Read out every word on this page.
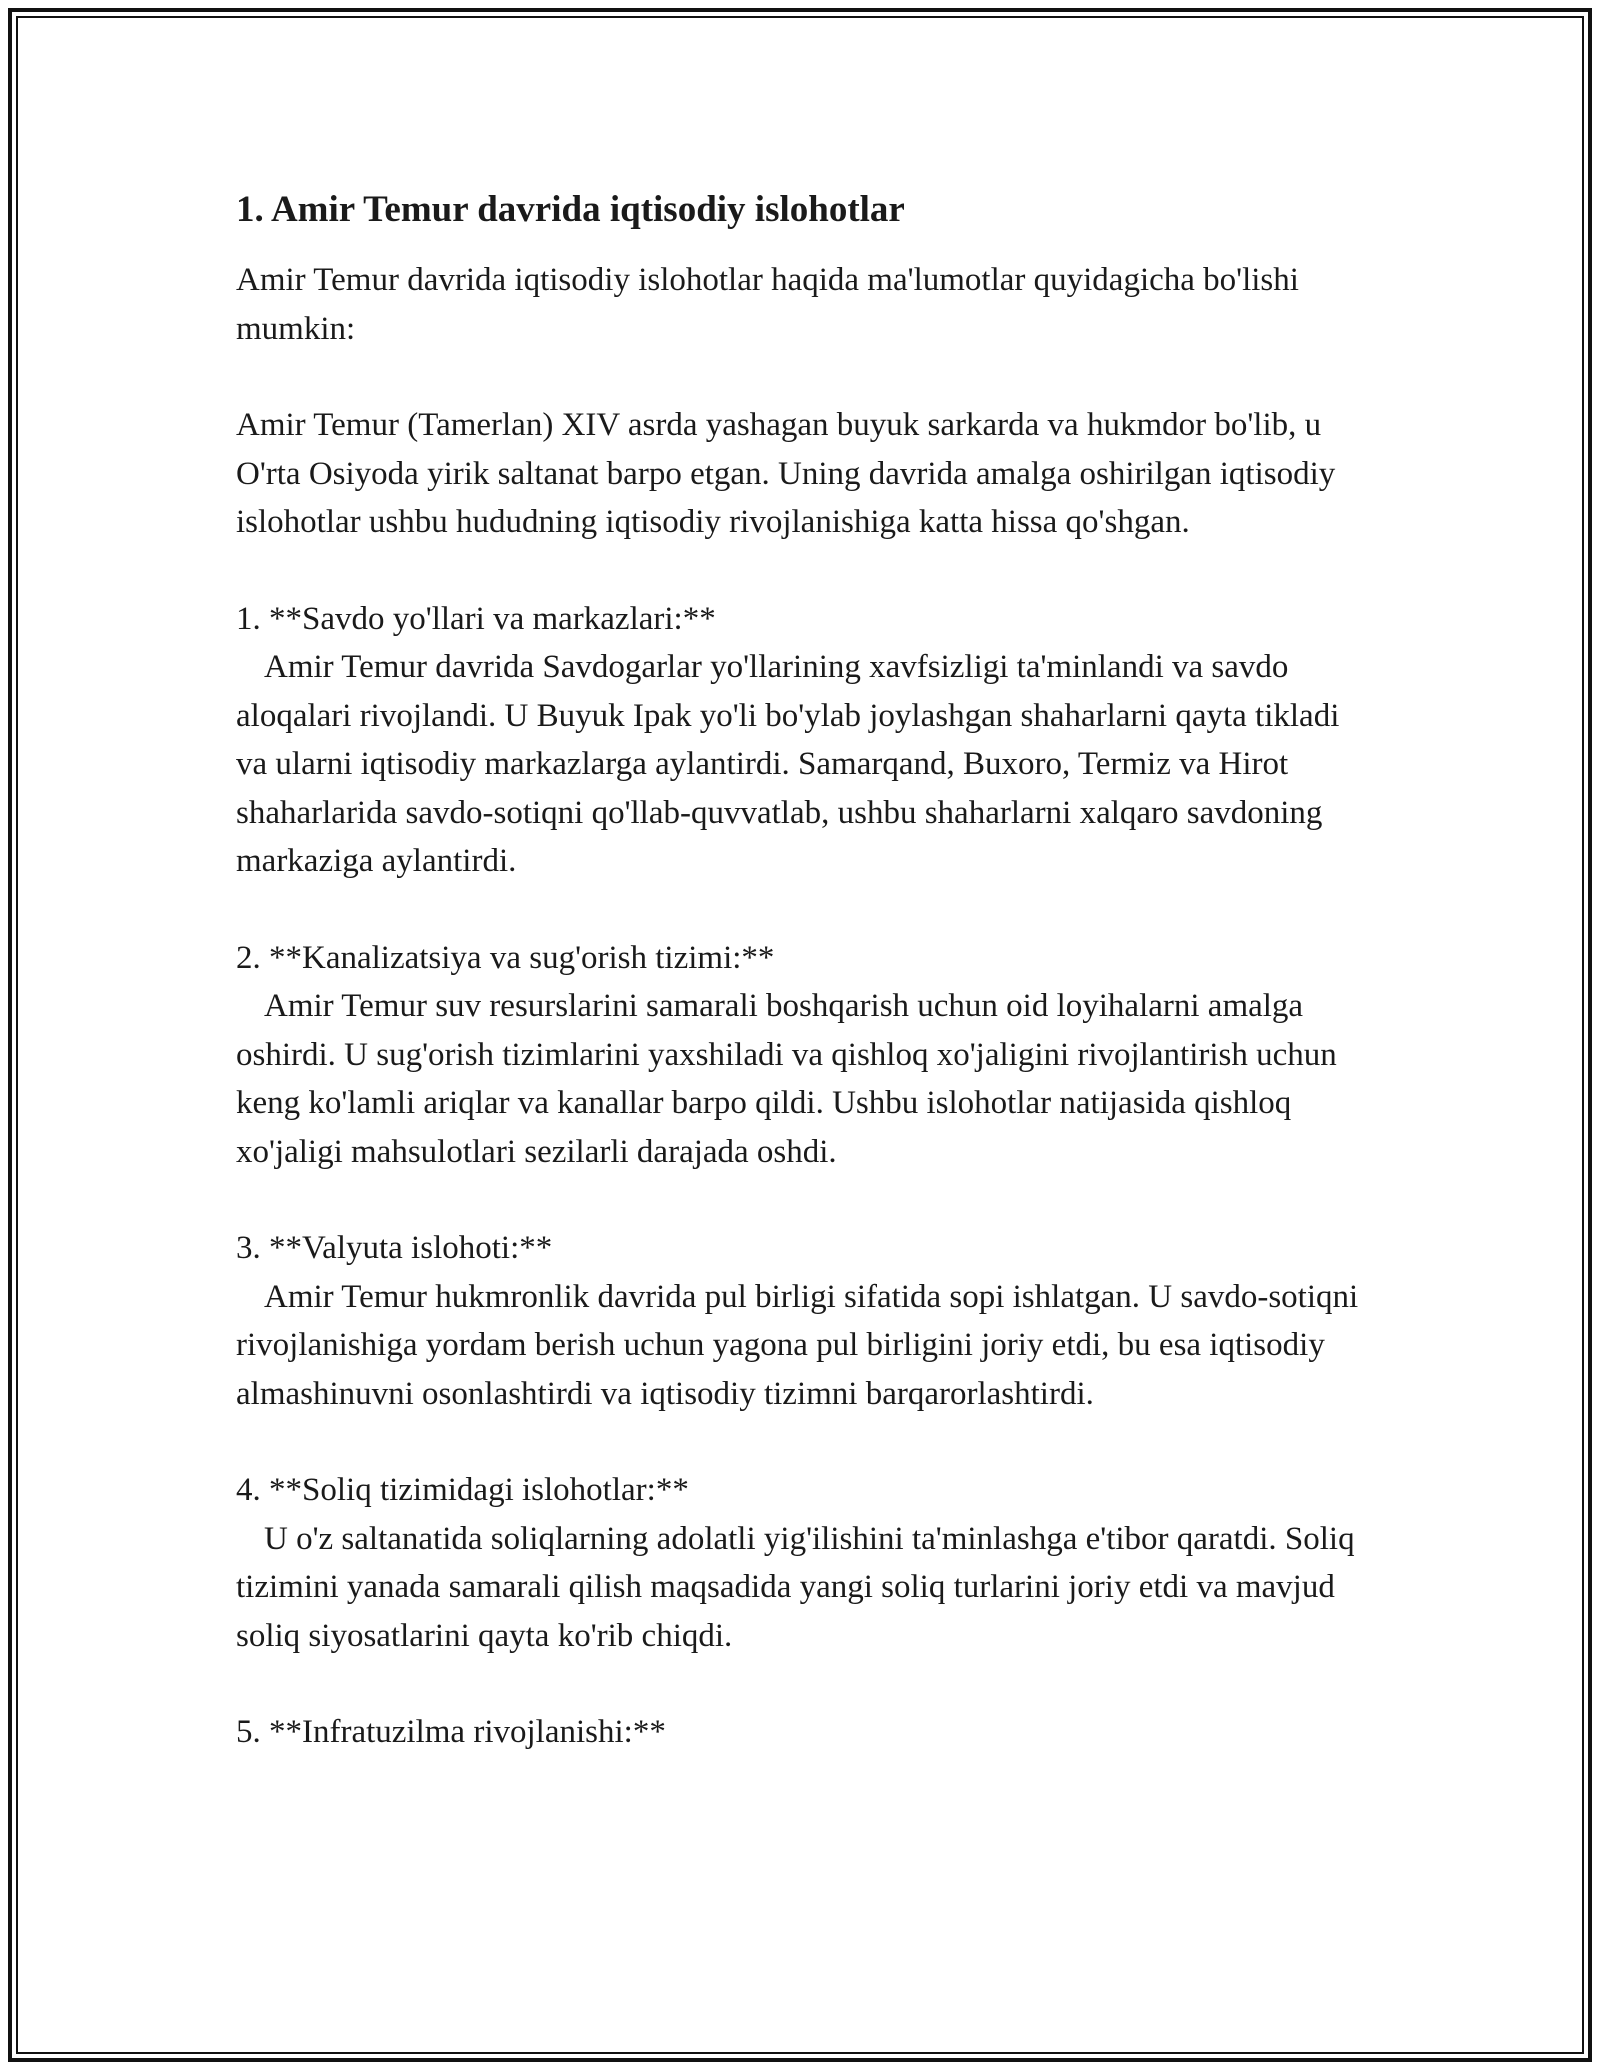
1. Amir Temur davrida iqtisodiy islohotlar

Amir Temur davrida iqtisodiy islohotlar haqida ma'lumotlar quyidagicha bo'lishi mumkin:

Amir Temur (Tamerlan) XIV asrda yashagan buyuk sarkarda va hukmdor bo'lib, u O'rta Osiyoda yirik saltanat barpo etgan. Uning davrida amalga oshirilgan iqtisodiy islohotlar ushbu hududning iqtisodiy rivojlanishiga katta hissa qo'shgan.

1. **Savdo yo'llari va markazlari:**

Amir Temur davrida Savdogarlar yo'llarining xavfsizligi ta'minlandi va savdo aloqalari rivojlandi. U Buyuk Ipak yo'li bo'ylab joylashgan shaharlarni qayta tikladi va ularni iqtisodiy markazlarga aylantirdi. Samarqand, Buxoro, Termiz va Hirot shaharlarida savdo-sotiqni qo'llab-quvvatlab, ushbu shaharlarni xalqaro savdoning markaziga aylantirdi.

2. **Kanalizatsiya va sug'orish tizimi:**

Amir Temur suv resurslarini samarali boshqarish uchun oid loyihalarni amalga oshirdi. U sug'orish tizimlarini yaxshiladi va qishloq xo'jaligini rivojlantirish uchun keng ko'lamli ariqlar va kanallar barpo qildi. Ushbu islohotlar natijasida qishloq xo'jaligi mahsulotlari sezilarli darajada oshdi.

3. **Valyuta islohoti:**

Amir Temur hukmronlik davrida pul birligi sifatida sopi ishlatgan. U savdo-sotiqni rivojlanishiga yordam berish uchun yagona pul birligini joriy etdi, bu esa iqtisodiy almashinuvni osonlashtirdi va iqtisodiy tizimni barqarorlashtirdi.

4. **Soliq tizimidagi islohotlar:**

U o'z saltanatida soliqlarning adolatli yig'ilishini ta'minlashga e'tibor qaratdi. Soliq tizimini yanada samarali qilish maqsadida yangi soliq turlarini joriy etdi va mavjud soliq siyosatlarini qayta ko'rib chiqdi.

5. **Infratuzilma rivojlanishi:**
